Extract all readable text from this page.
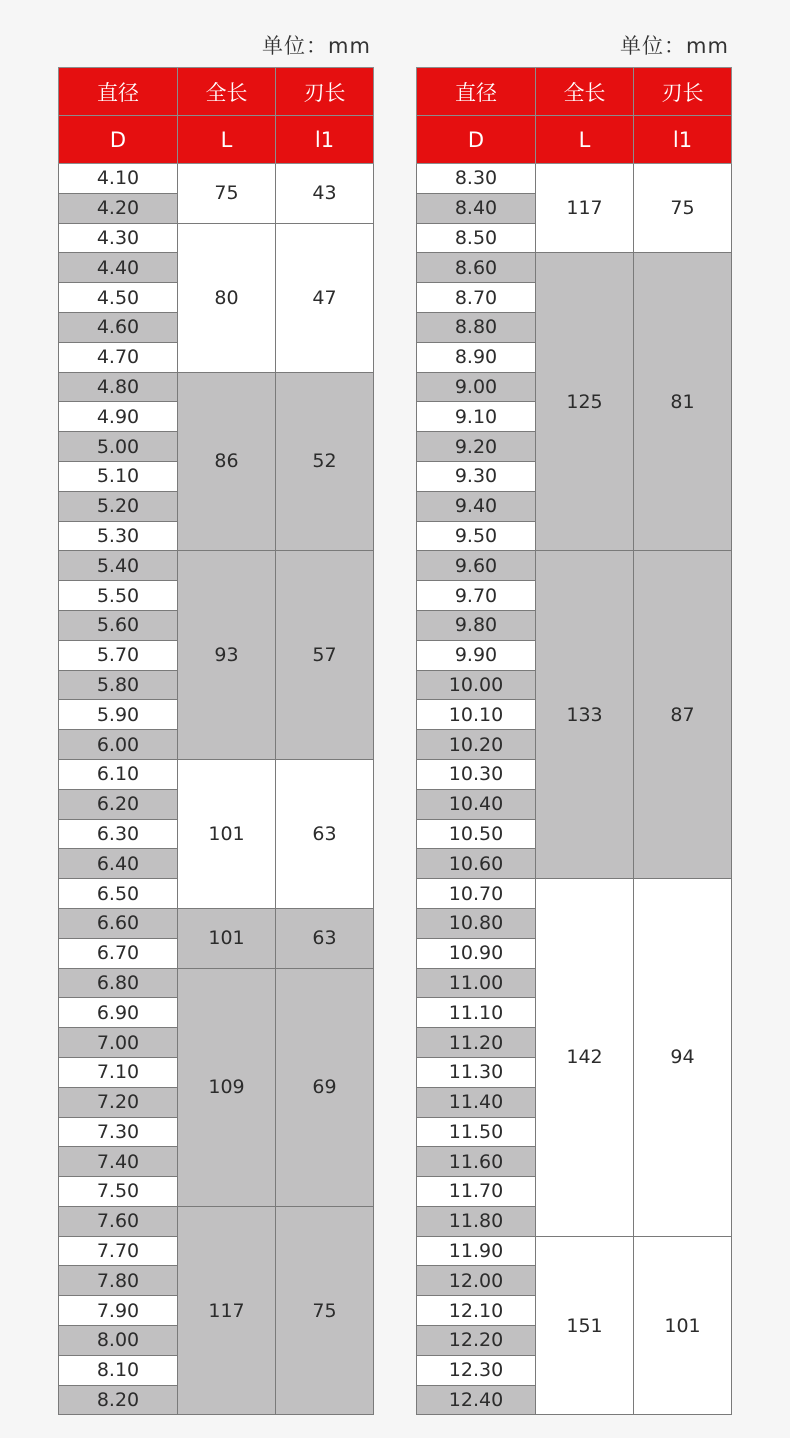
单位：mm	单位：mm
直径	全长	刃长
D	L	l1
4.10	75	43
4.20		
4.30	80	47
4.40		
4.50		
4.60		
4.70		
4.80	86	52
4.90		
5.00		
5.10		
5.20		
5.30		
5.40	93	57
5.50		
5.60		
5.70		
5.80		
5.90		
6.00		
6.10	101	63
6.20		
6.30		
6.40		
6.50		
6.60	101	63
6.70		
6.80	109	69
6.90		
7.00		
7.10		
7.20		
7.30		
7.40		
7.50		
7.60	117	75
7.70		
7.80		
7.90		
8.00		
8.10		
8.20		
直径	全长	刃长
D	L	l1
8.30	117	75
8.40		
8.50		
8.60	125	81
8.70		
8.80		
8.90		
9.00		
9.10		
9.20		
9.30		
9.40		
9.50		
9.60	133	87
9.70		
9.80		
9.90		
10.00		
10.10		
10.20		
10.30		
10.40		
10.50		
10.60		
10.70	142	94
10.80		
10.90		
11.00		
11.10		
11.20		
11.30		
11.40		
11.50		
11.60		
11.70		
11.80		
11.90	151	101
12.00		
12.10		
12.20		
12.30		
12.40		
